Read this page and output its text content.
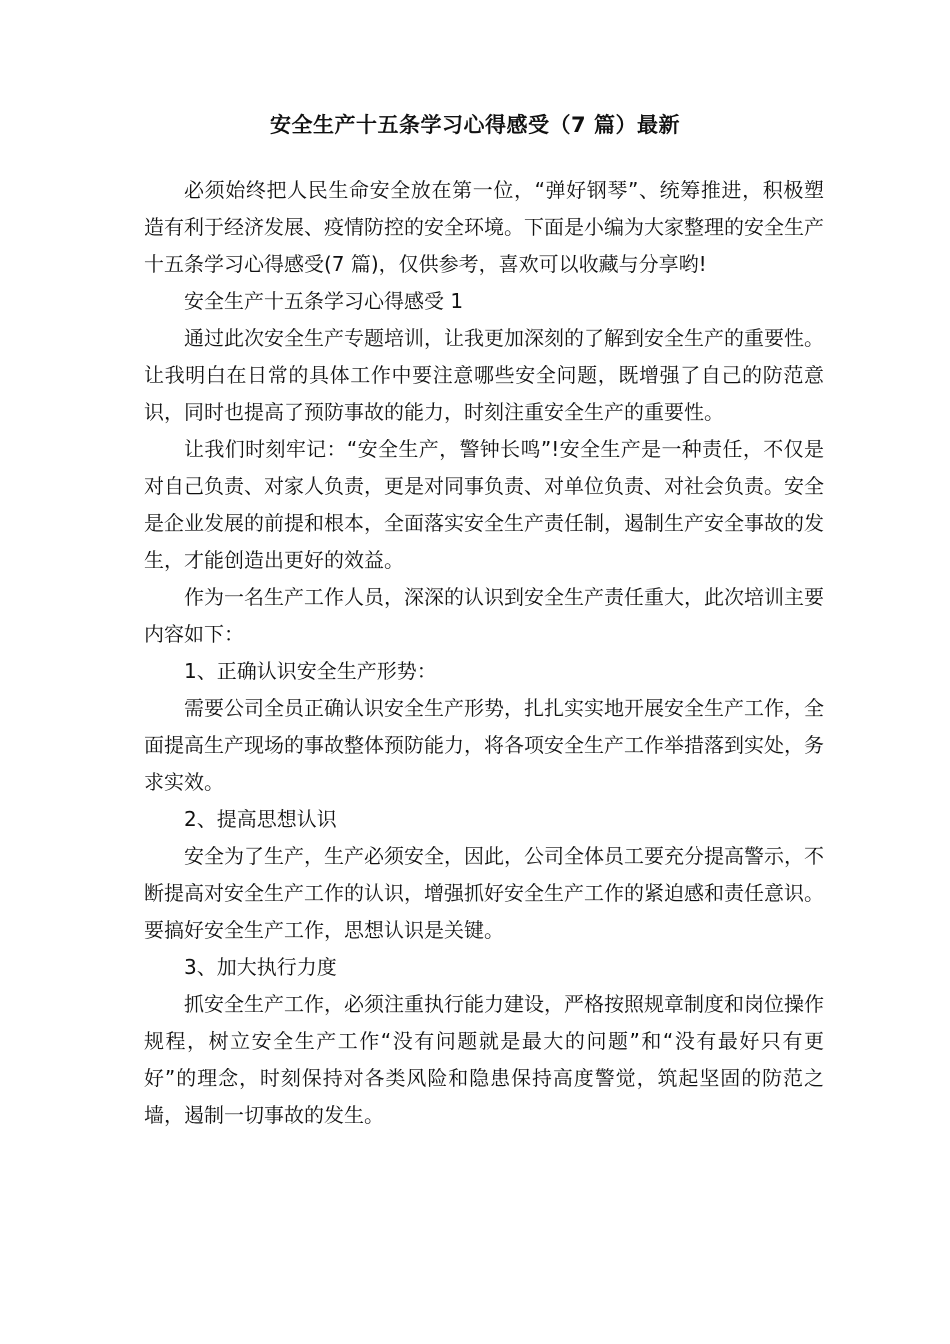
安全生产十五条学习心得感受（7 篇）最新

必须始终把人民生命安全放在第一位，“弹好钢琴”、统筹推进，积极塑造有利于经济发展、疫情防控的安全环境。下面是小编为大家整理的安全生产十五条学习心得感受(7 篇)，仅供参考，喜欢可以收藏与分享哟!

安全生产十五条学习心得感受 1

通过此次安全生产专题培训，让我更加深刻的了解到安全生产的重要性。让我明白在日常的具体工作中要注意哪些安全问题，既增强了自己的防范意识，同时也提高了预防事故的能力，时刻注重安全生产的重要性。

让我们时刻牢记：“安全生产，警钟长鸣”!安全生产是一种责任，不仅是对自己负责、对家人负责，更是对同事负责、对单位负责、对社会负责。安全是企业发展的前提和根本，全面落实安全生产责任制，遏制生产安全事故的发生，才能创造出更好的效益。

作为一名生产工作人员，深深的认识到安全生产责任重大，此次培训主要内容如下：

1、正确认识安全生产形势：

需要公司全员正确认识安全生产形势，扎扎实实地开展安全生产工作，全面提高生产现场的事故整体预防能力，将各项安全生产工作举措落到实处，务求实效。

2、提高思想认识

安全为了生产，生产必须安全，因此，公司全体员工要充分提高警示，不断提高对安全生产工作的认识，增强抓好安全生产工作的紧迫感和责任意识。要搞好安全生产工作，思想认识是关键。

3、加大执行力度

抓安全生产工作，必须注重执行能力建设，严格按照规章制度和岗位操作规程，树立安全生产工作“没有问题就是最大的问题”和“没有最好只有更好”的理念，时刻保持对各类风险和隐患保持高度警觉，筑起坚固的防范之墙，遏制一切事故的发生。
